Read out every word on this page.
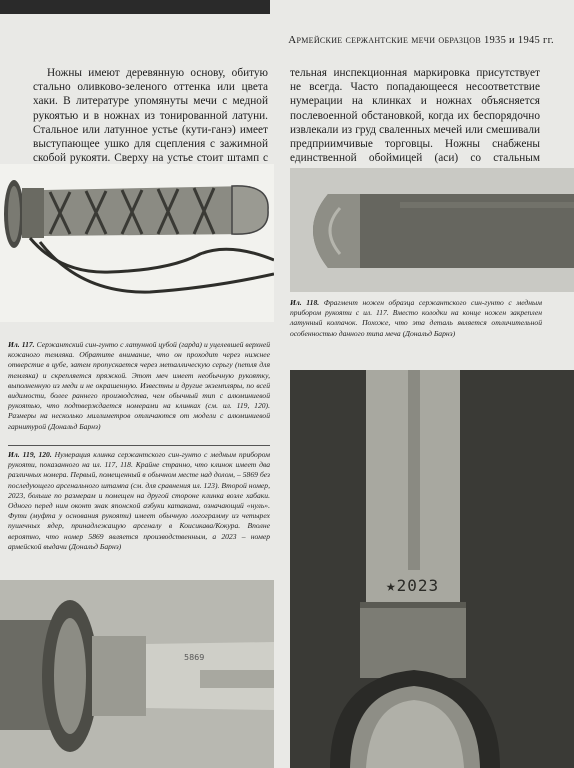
Армейские сержантские мечи образцов 1935 и 1945 гг.

Ножны имеют деревянную основу, обитую стально оливково-зеленого оттенка или цвета хаки. В литературе упомянуты мечи с медной рукоятью и в ножнах из тонированной латуни. Стальное или латунное устье (кути-ганэ) имеет выступающее ушко для сцепления с зажимной скобой рукояти. Сверху на устье стоит штамп с

тельная инспекционная маркировка присутствует не всегда. Часто попадающееся несоответствие нумерации на клинках и ножнах объясняется послевоенной обстановкой, когда их беспорядочно извлекали из груд сваленных мечей или смешивали предприимчивые торговцы. Ножны снабжены единственной обоймицей (аси) со стальным

Ил. 117. Сержантский син-гунто с латунной цубой (гарда) и уцелевшей верхней кожаного темляка. Обратите внимание, что он проходит через нижнее отверстие в цубе, затем пропускается через металлическую серьгу (петля для темляка) и скрепляется пряжкой. Этот меч имеет необычную рукоятку, выполненную из меди и не окрашенную. Известны и другие экземпляры, по всей видимости, более раннего производства, чем обычный тип с алюминиевой рукоятью, что подтверждается номерами на клинках (см. ил. 119, 120). Размеры на несколько миллиметров отличаются от модели с алюминиевой гарнитурой (Дональд Барнз)
Ил. 119, 120. Нумерация клинка сержантского син-гунто с медным прибором рукояти, показанного на ил. 117, 118. Крайне странно, что клинок имеет два различных номера. Первый, помещенный в обычном месте над долом, – 5869 без последующего арсенального штампа (см. для сравнения ил. 123). Второй номер, 2023, больше по размерам и помещен на другой стороне клинка возле хабаки. Одного перед ним оконт знак японской азбуки катакана, означающий «нуль». Фути (муфта у основания рукояти) имеет обычную логограмму из четырех пушечных ядер, принадлежащую арсеналу в Коисикава/Кокура. Вполне вероятно, что номер 5869 является производственным, а 2023 – номер армейской выдачи (Дональд Барнз)
Ил. 118. Фрагмент ножен образца сержантского син-гунто с медным прибором рукояти с ил. 117. Вместо колодки на конце ножен закреплен латунный колпачок. Похоже, что эта деталь является отличительной особенностью данного типа меча (Дональд Барнз)
★2023
5869
